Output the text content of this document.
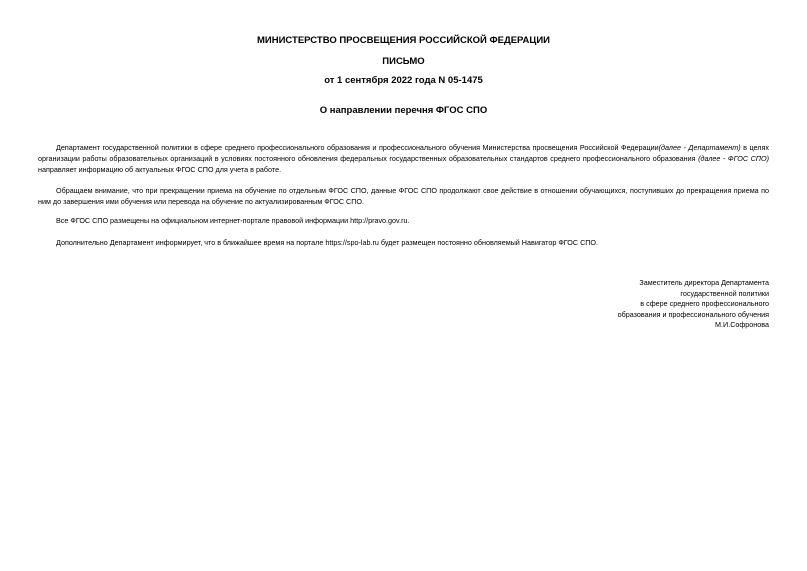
МИНИСТЕРСТВО ПРОСВЕЩЕНИЯ РОССИЙСКОЙ ФЕДЕРАЦИИ
ПИСЬМО
от 1 сентября 2022 года N 05-1475
О направлении перечня ФГОС СПО

Департамент государственной политики в сфере среднего профессионального образования и профессионального обучения Министерства просвещения Российской Федерации(далее - Департамент) в целях организации работы образовательных организаций в условиях постоянного обновления федеральных государственных образовательных стандартов среднего профессионального образования (далее - ФГОС СПО) направляет информацию об актуальных ФГОС СПО для учета в работе.

Обращаем внимание, что при прекращении приема на обучение по отдельным ФГОС СПО, данные ФГОС СПО продолжают свое действие в отношении обучающихся, поступивших до прекращения приема по ним до завершения ими обучения или перевода на обучение по актуализированным ФГОС СПО.

Все ФГОС СПО размещены на официальном интернет-портале правовой информации http://pravo.gov.ru.

Дополнительно Департамент информирует, что в ближайшее время на портале https://spo-lab.ru будет размещен постоянно обновляемый Навигатор ФГОС СПО.

Заместитель директора Департамента
государственной политики
в сфере среднего профессионального
образования и профессионального обучения
М.И.Софронова
